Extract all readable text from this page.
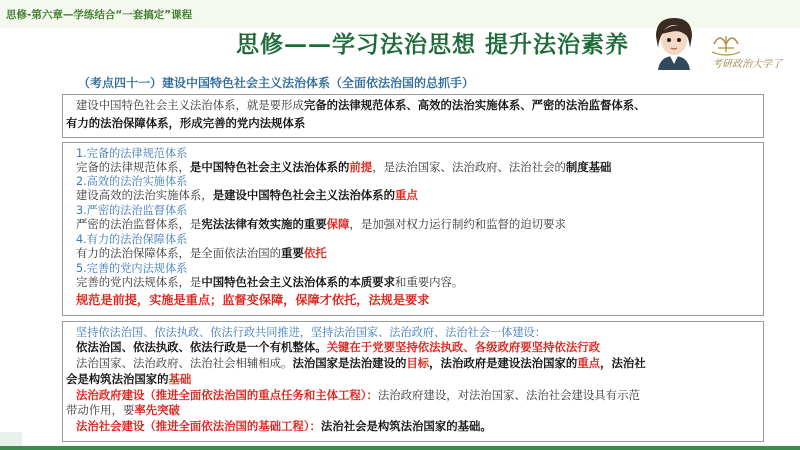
思修-第六章—学练结合“一套搞定”课程
思修——学习法治思想 提升法治素养
考研政治大学了
（考点四十一）建设中国特色社会主义法治体系（全面依法治国的总抓手）
建设中国特色社会主义法治体系，就是要形成完备的法律规范体系、高效的法治实施体系、严密的法治监督体系、
有力的法治保障体系，形成完善的党内法规体系
1.完备的法律规范体系
完备的法律规范体系，是中国特色社会主义法治体系的前提，是法治国家、法治政府、法治社会的制度基础
2.高效的法治实施体系
建设高效的法治实施体系，是建设中国特色社会主义法治体系的重点
3.严密的法治监督体系
严密的法治监督体系，是宪法法律有效实施的重要保障，是加强对权力运行制约和监督的迫切要求
4.有力的法治保障体系
有力的法治保障体系，是全面依法治国的重要依托
5.完善的党内法规体系
完善的党内法规体系，是中国特色社会主义法治体系的本质要求和重要内容。
规范是前提，实施是重点；监督变保障，保障才依托，法规是要求
坚持依法治国、依法执政、依法行政共同推进，坚持法治国家、法治政府、法治社会一体建设：
依法治国、依法执政、依法行政是一个有机整体。关键在于党要坚持依法执政、各级政府要坚持依法行政
法治国家、法治政府、法治社会相辅相成。法治国家是法治建设的目标，法治政府是建设法治国家的重点，法治社
会是构筑法治国家的基础
法治政府建设（推进全面依法治国的重点任务和主体工程）：法治政府建设，对法治国家、法治社会建设具有示范
带动作用，要率先突破
法治社会建设（推进全面依法治国的基础工程）：法治社会是构筑法治国家的基础。
